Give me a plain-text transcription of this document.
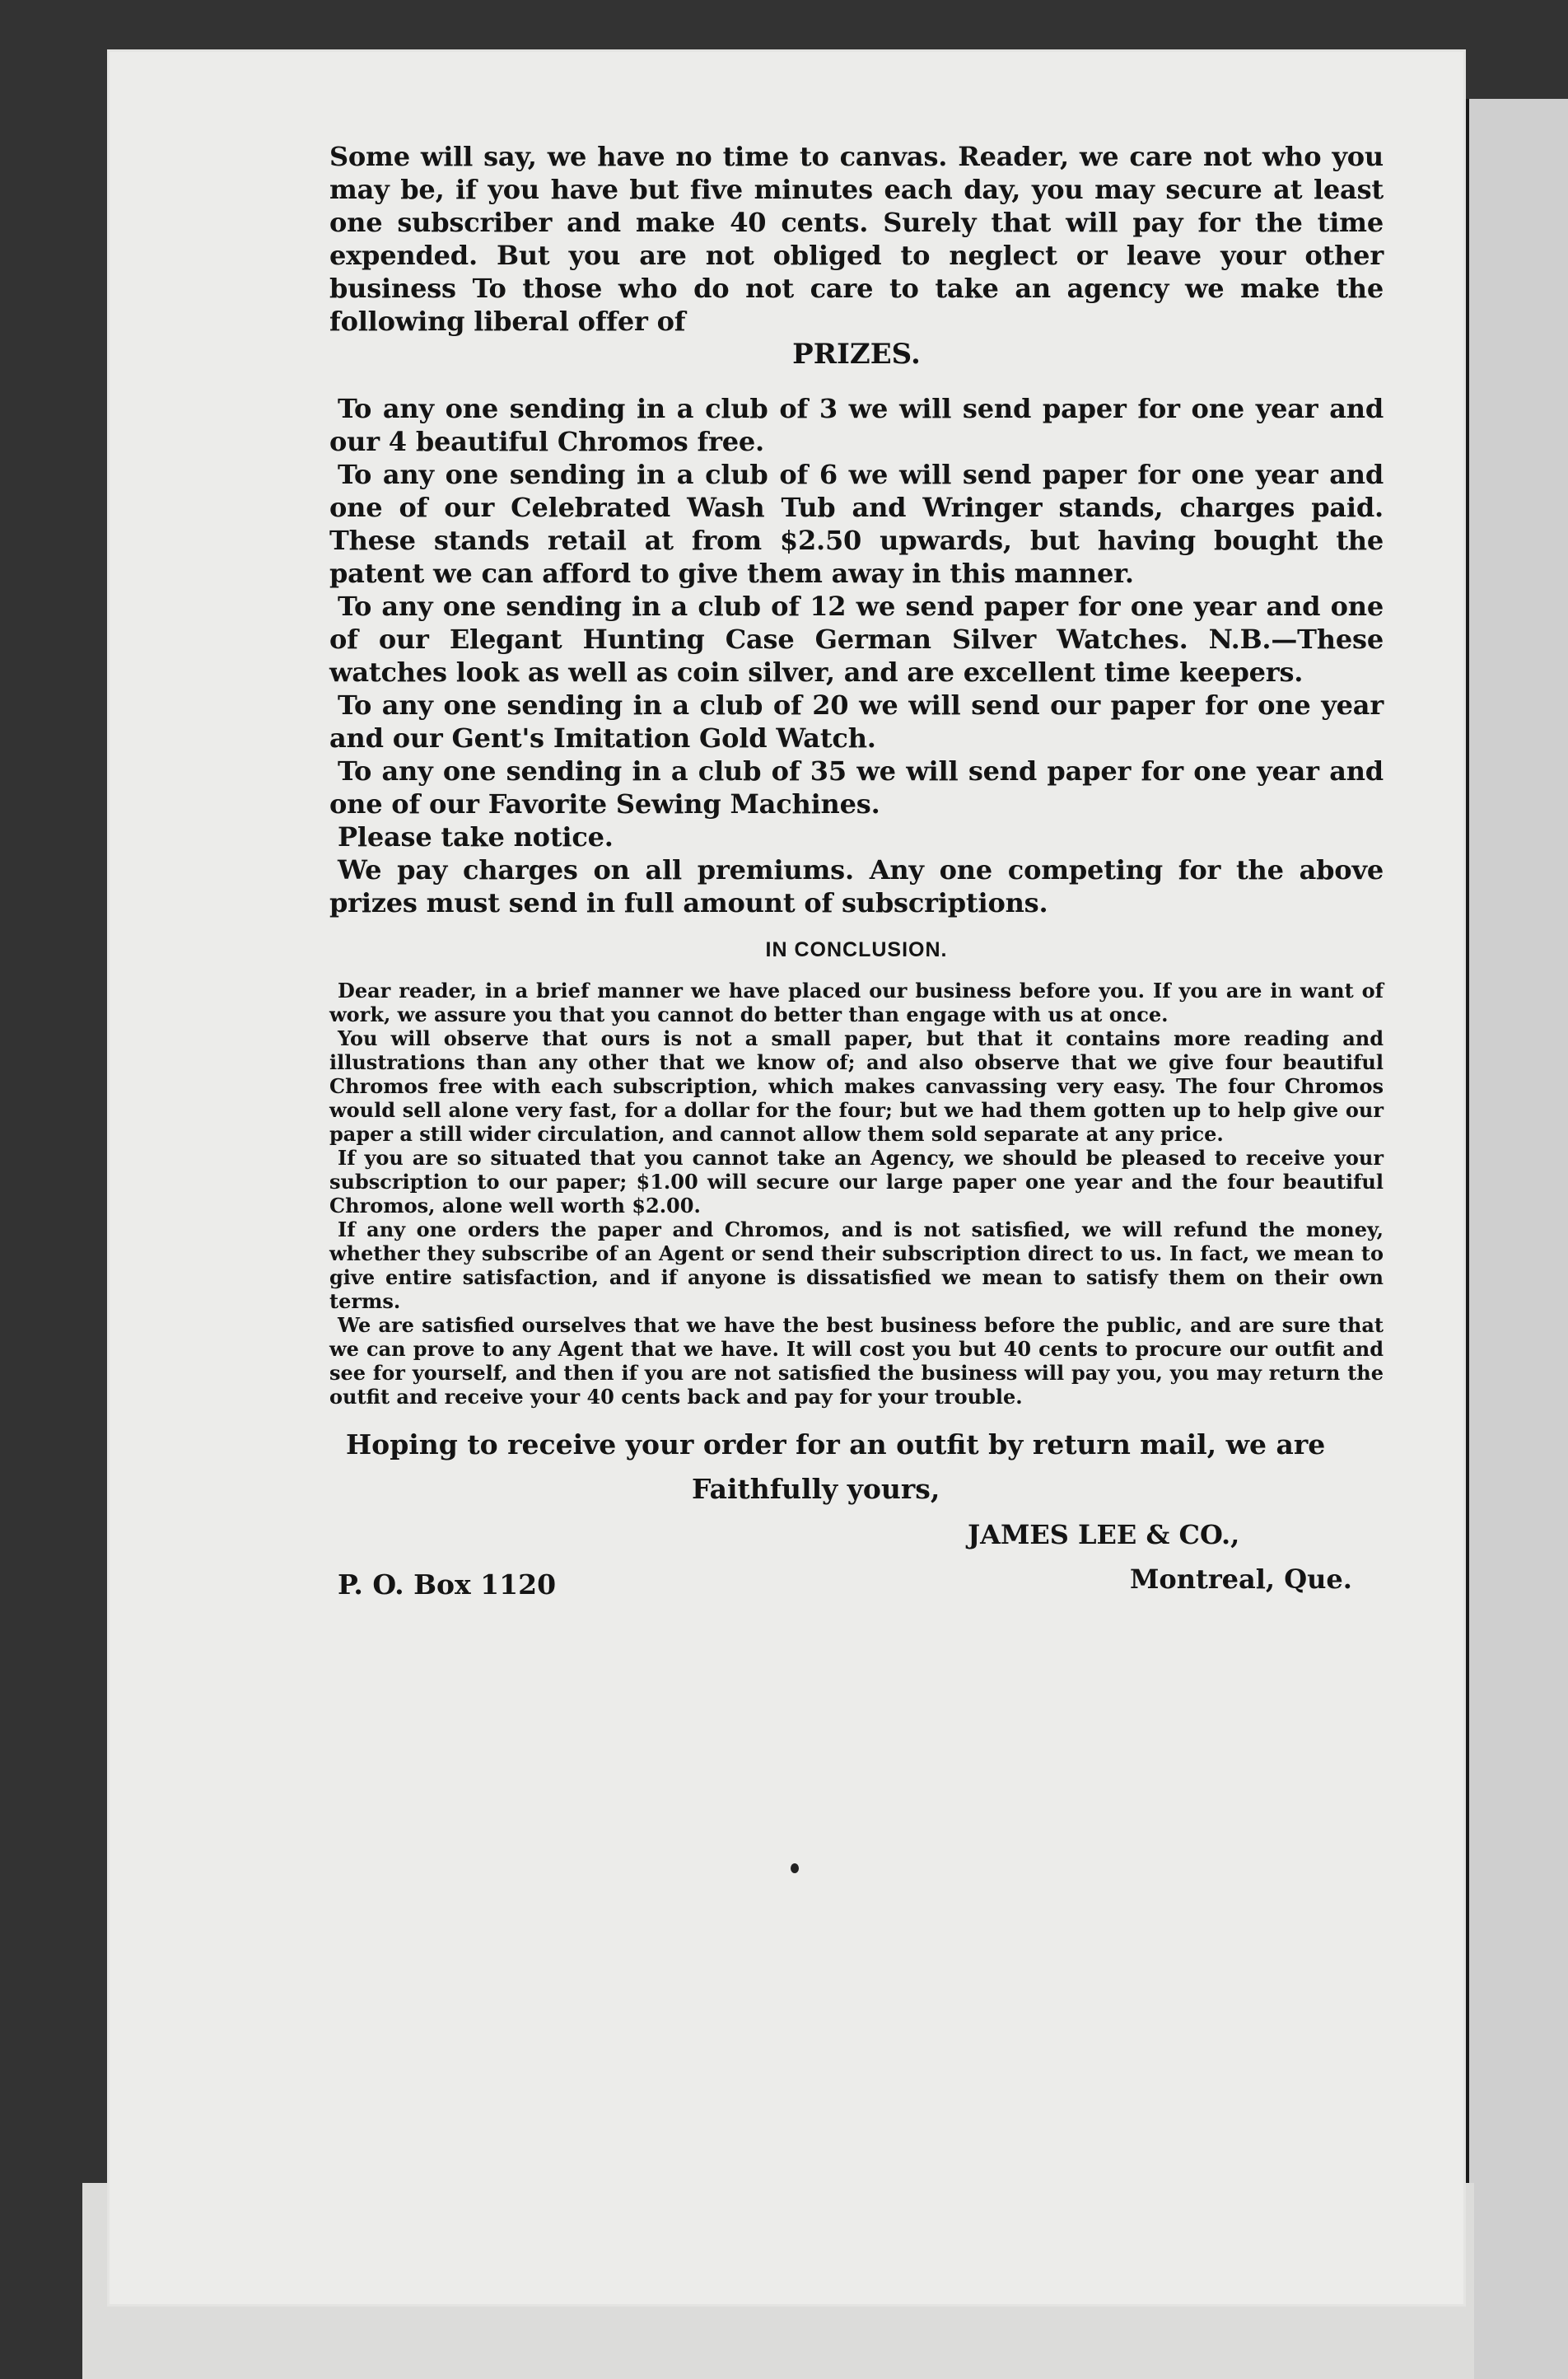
Some will say, we have no time to canvas. Reader, we care not who you may be, if you have but five minutes each day, you may secure at least one subscriber and make 40 cents. Surely that will pay for the time expended. But you are not obliged to neglect or leave your other business To those who do not care to take an agency we make the following liberal offer of

PRIZES.

To any one sending in a club of 3 we will send paper for one year and our 4 beautiful Chromos free.

To any one sending in a club of 6 we will send paper for one year and one of our Celebrated Wash Tub and Wringer stands, charges paid. These stands retail at from $2.50 upwards, but having bought the patent we can afford to give them away in this manner.

To any one sending in a club of 12 we send paper for one year and one of our Elegant Hunting Case German Silver Watches. N.B.—These watches look as well as coin silver, and are excellent time keepers.

To any one sending in a club of 20 we will send our paper for one year and our Gent's Imitation Gold Watch.

To any one sending in a club of 35 we will send paper for one year and one of our Favorite Sewing Machines.

Please take notice.

We pay charges on all premiums. Any one competing for the above prizes must send in full amount of subscriptions.

IN CONCLUSION.

Dear reader, in a brief manner we have placed our business before you. If you are in want of work, we assure you that you cannot do better than engage with us at once.

You will observe that ours is not a small paper, but that it contains more reading and illustrations than any other that we know of; and also observe that we give four beautiful Chromos free with each subscription, which makes canvassing very easy. The four Chromos would sell alone very fast, for a dollar for the four; but we had them gotten up to help give our paper a still wider circulation, and cannot allow them sold separate at any price.

If you are so situated that you cannot take an Agency, we should be pleased to receive your subscription to our paper; $1.00 will secure our large paper one year and the four beautiful Chromos, alone well worth $2.00.

If any one orders the paper and Chromos, and is not satisfied, we will refund the money, whether they subscribe of an Agent or send their subscription direct to us. In fact, we mean to give entire satisfaction, and if anyone is dissatisfied we mean to satisfy them on their own terms.

We are satisfied ourselves that we have the best business before the public, and are sure that we can prove to any Agent that we have. It will cost you but 40 cents to procure our outfit and see for yourself, and then if you are not satisfied the business will pay you, you may return the outfit and receive your 40 cents back and pay for your trouble.

Hoping to receive your order for an outfit by return mail, we are

Faithfully yours,

JAMES LEE & CO.,
P. O. Box 1120	Montreal, Que.
